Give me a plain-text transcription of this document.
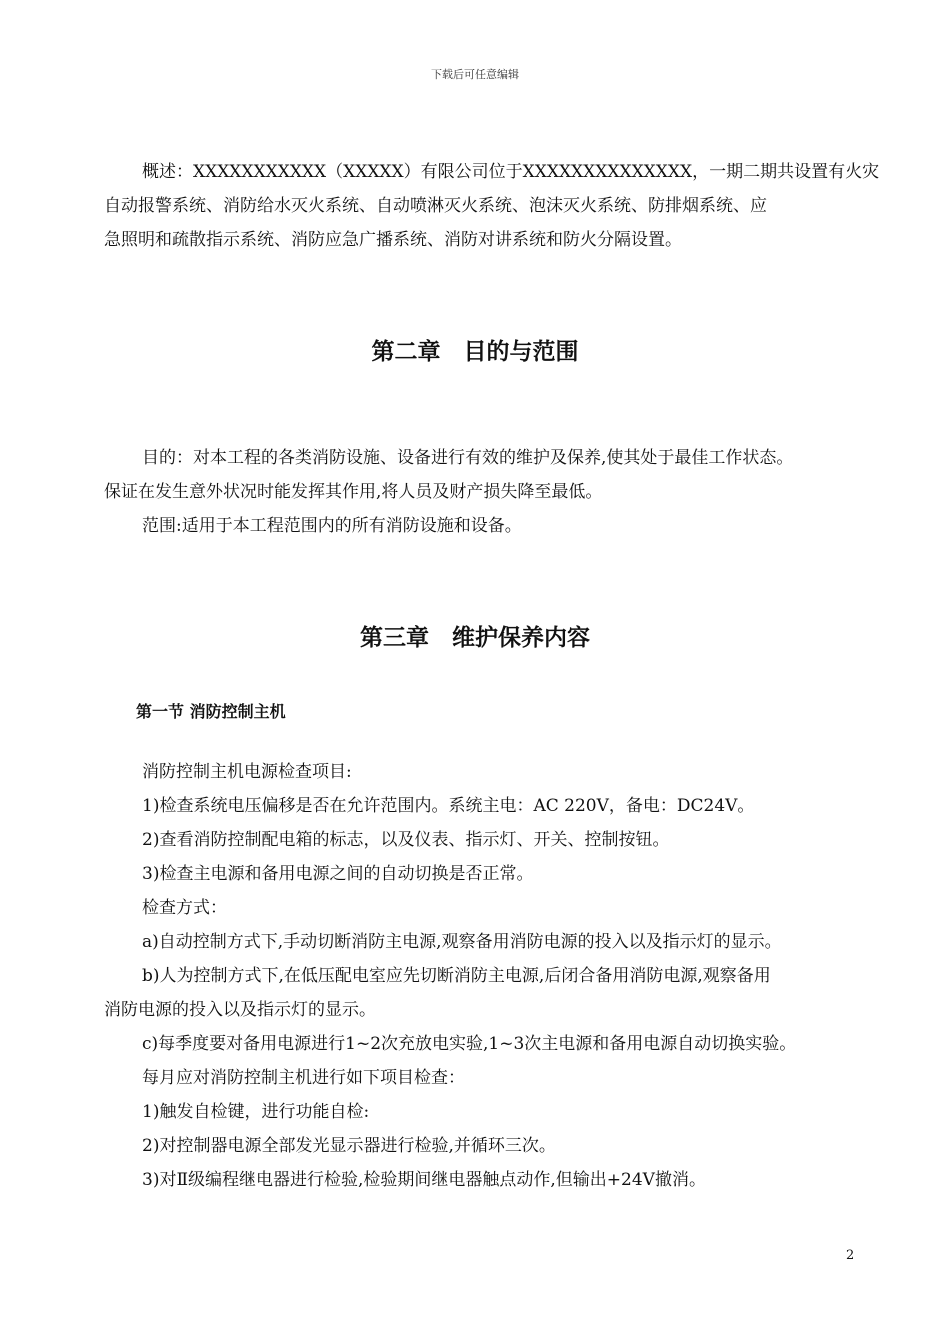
下载后可任意编辑
概述：XXXXXXXXXXX（XXXXX）有限公司位于XXXXXXXXXXXXXX，一期二期共设置有火灾
自动报警系统、消防给水灭火系统、自动喷淋灭火系统、泡沫灭火系统、防排烟系统、应
急照明和疏散指示系统、消防应急广播系统、消防对讲系统和防火分隔设置。
第二章　目的与范围
目的：对本工程的各类消防设施、设备进行有效的维护及保养,使其处于最佳工作状态。
保证在发生意外状况时能发挥其作用,将人员及财产损失降至最低。
范围:适用于本工程范围内的所有消防设施和设备。
第三章　维护保养内容
第一节 消防控制主机
消防控制主机电源检查项目:
1)检查系统电压偏移是否在允许范围内。系统主电：AC 220V，备电：DC24V。
2)查看消防控制配电箱的标志，以及仪表、指示灯、开关、控制按钮。
3)检查主电源和备用电源之间的自动切换是否正常。
检查方式：
a)自动控制方式下,手动切断消防主电源,观察备用消防电源的投入以及指示灯的显示。
b)人为控制方式下,在低压配电室应先切断消防主电源,后闭合备用消防电源,观察备用
消防电源的投入以及指示灯的显示。
c)每季度要对备用电源进行1~2次充放电实验,1~3次主电源和备用电源自动切换实验。
每月应对消防控制主机进行如下项目检查：
1)触发自检键，进行功能自检:
2)对控制器电源全部发光显示器进行检验,并循环三次。
3)对Ⅱ级编程继电器进行检验,检验期间继电器触点动作,但输出+24V撤消。
2
